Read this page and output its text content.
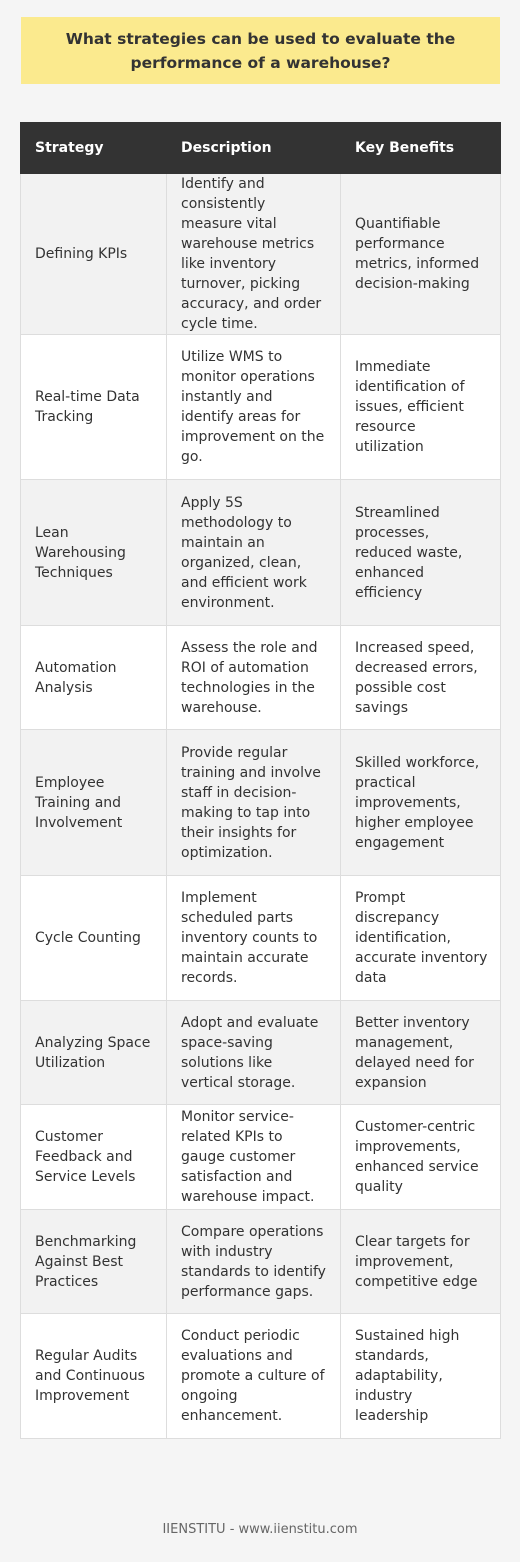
What strategies can be used to evaluate the performance of a warehouse?
Strategy	Description	Key Benefits
Defining KPIs	Identify and consistently measure vital warehouse metrics like inventory turnover, picking accuracy, and order cycle time.	Quantifiable performance metrics, informed decision-making
Real-time Data Tracking	Utilize WMS to monitor operations instantly and identify areas for improvement on the go.	Immediate identification of issues, efficient resource utilization
Lean Warehousing Techniques	Apply 5S methodology to maintain an organized, clean, and efficient work environment.	Streamlined processes, reduced waste, enhanced efficiency
Automation Analysis	Assess the role and ROI of automation technologies in the warehouse.	Increased speed, decreased errors, possible cost savings
Employee Training and Involvement	Provide regular training and involve staff in decision-making to tap into their insights for optimization.	Skilled workforce, practical improvements, higher employee engagement
Cycle Counting	Implement scheduled parts inventory counts to maintain accurate records.	Prompt discrepancy identification, accurate inventory data
Analyzing Space Utilization	Adopt and evaluate space-saving solutions like vertical storage.	Better inventory management, delayed need for expansion
Customer Feedback and Service Levels	Monitor service-related KPIs to gauge customer satisfaction and warehouse impact.	Customer-centric improvements, enhanced service quality
Benchmarking Against Best Practices	Compare operations with industry standards to identify performance gaps.	Clear targets for improvement, competitive edge
Regular Audits and Continuous Improvement	Conduct periodic evaluations and promote a culture of ongoing enhancement.	Sustained high standards, adaptability, industry leadership
IIENSTITU - www.iienstitu.com
